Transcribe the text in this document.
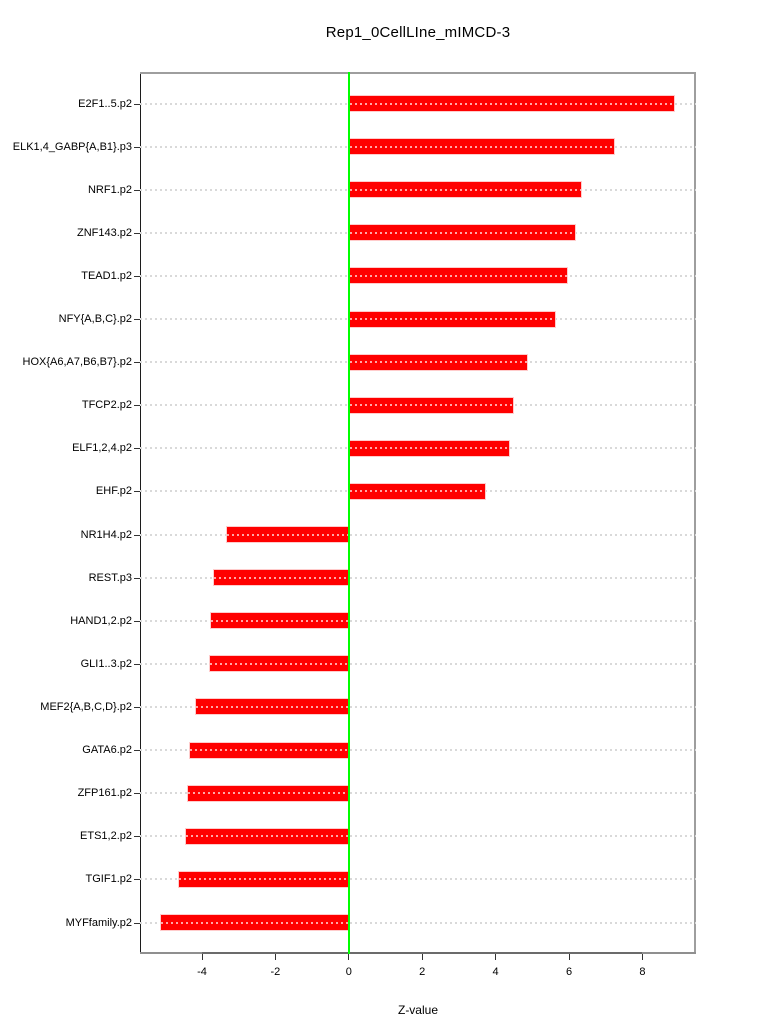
Rep1_0CellLIne_mIMCD-3
E2F1..5.p2
ELK1,4_GABP{A,B1}.p3
NRF1.p2
ZNF143.p2
TEAD1.p2
NFY{A,B,C}.p2
HOX{A6,A7,B6,B7}.p2
TFCP2.p2
ELF1,2,4.p2
EHF.p2
NR1H4.p2
REST.p3
HAND1,2.p2
GLI1..3.p2
MEF2{A,B,C,D}.p2
GATA6.p2
ZFP161.p2
ETS1,2.p2
TGIF1.p2
MYFfamily.p2
Z-value
-4	-2	0	2	4	6	8
